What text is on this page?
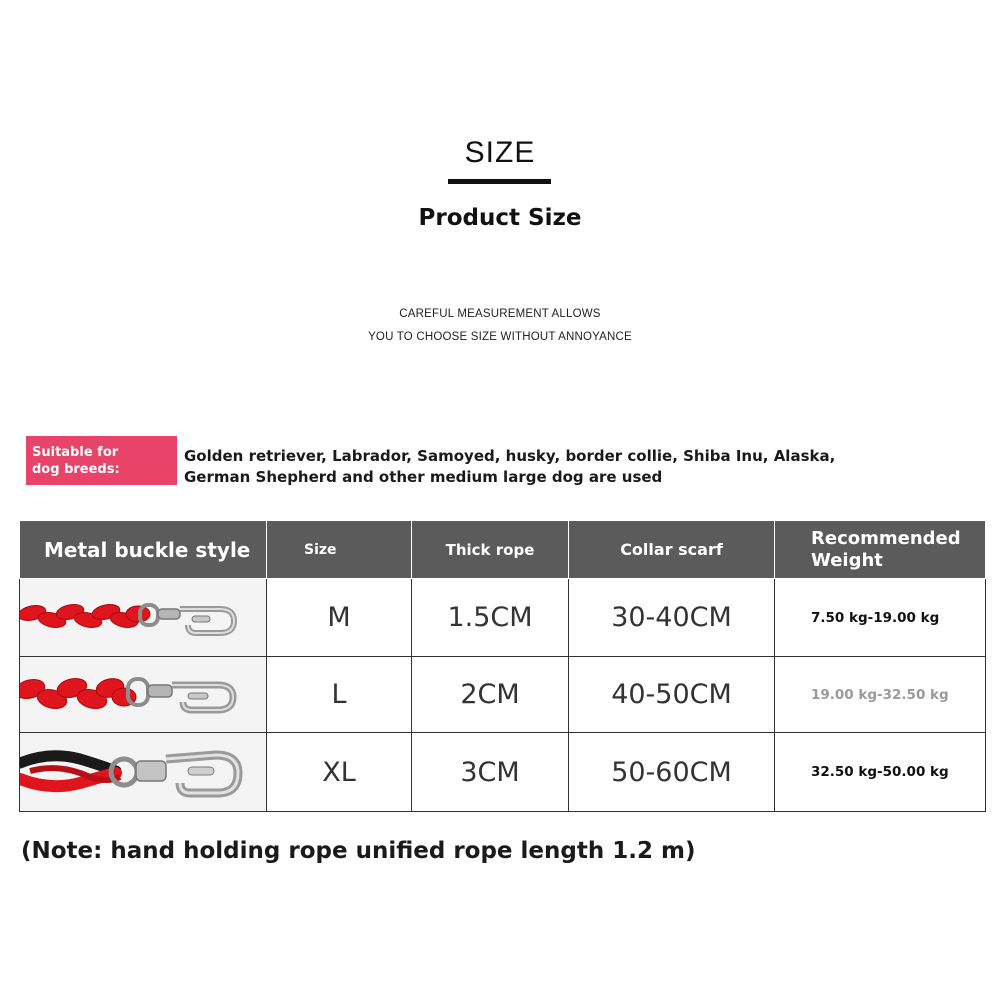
SIZE
Product Size
CAREFUL MEASUREMENT ALLOWS
YOU TO CHOOSE SIZE WITHOUT ANNOYANCE
Suitable for
dog breeds:
Golden retriever, Labrador, Samoyed, husky, border collie, Shiba Inu, Alaska,
German Shepherd and other medium large dog are used
Metal buckle style	Size	Thick rope	Collar scarf	Recommended
Weight

	M	1.5CM	30-40CM	7.50 kg-19.00 kg

	L	2CM	40-50CM	19.00 kg-32.50 kg

	XL	3CM	50-60CM	32.50 kg-50.00 kg
(Note: hand holding rope unified rope length 1.2 m)
